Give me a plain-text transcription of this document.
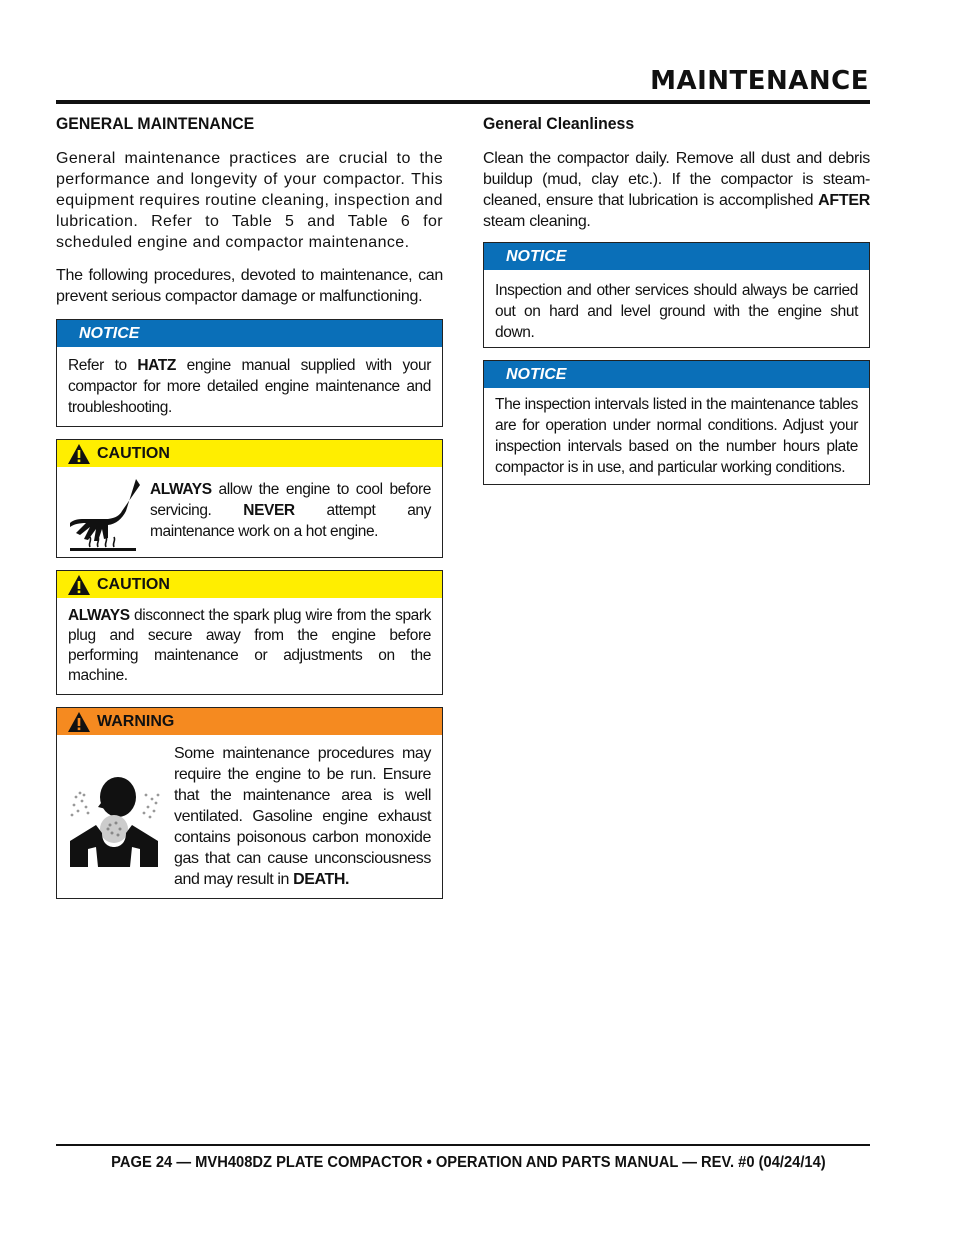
MAINTENANCE
GENERAL MAINTENANCE

General maintenance practices are crucial to the performance and longevity of your compactor. This equipment requires routine cleaning, inspection and lubrication. Refer to Table 5 and Table 6 for scheduled engine and compactor maintenance.

The following procedures, devoted to maintenance, can prevent serious compactor damage or malfunctioning.

NOTICE
Refer to HATZ engine manual supplied with your compactor for more detailed engine maintenance and troubleshooting.
CAUTION
ALWAYS allow the engine to cool before servicing. NEVER attempt any maintenance work on a hot engine.
CAUTION
ALWAYS disconnect the spark plug wire from the spark plug and secure away from the engine before performing maintenance or adjustments on the machine.
WARNING
Some maintenance procedures may require the engine to be run. Ensure that the maintenance area is well ventilated. Gasoline engine exhaust contains poisonous carbon monoxide gas that can cause unconsciousness and may result in DEATH.
General Cleanliness

Clean the compactor daily. Remove all dust and debris buildup (mud, clay etc.). If the compactor is steam-cleaned, ensure that lubrication is accomplished AFTER steam cleaning.

NOTICE
Inspection and other services should always be carried out on hard and level ground with the engine shut down.
NOTICE
The inspection intervals listed in the maintenance tables are for operation under normal conditions. Adjust your inspection intervals based on the number hours plate compactor is in use, and particular working conditions.
PAGE 24 — MVH408DZ PLATE COMPACTOR • OPERATION AND PARTS MANUAL — REV. #0 (04/24/14)
